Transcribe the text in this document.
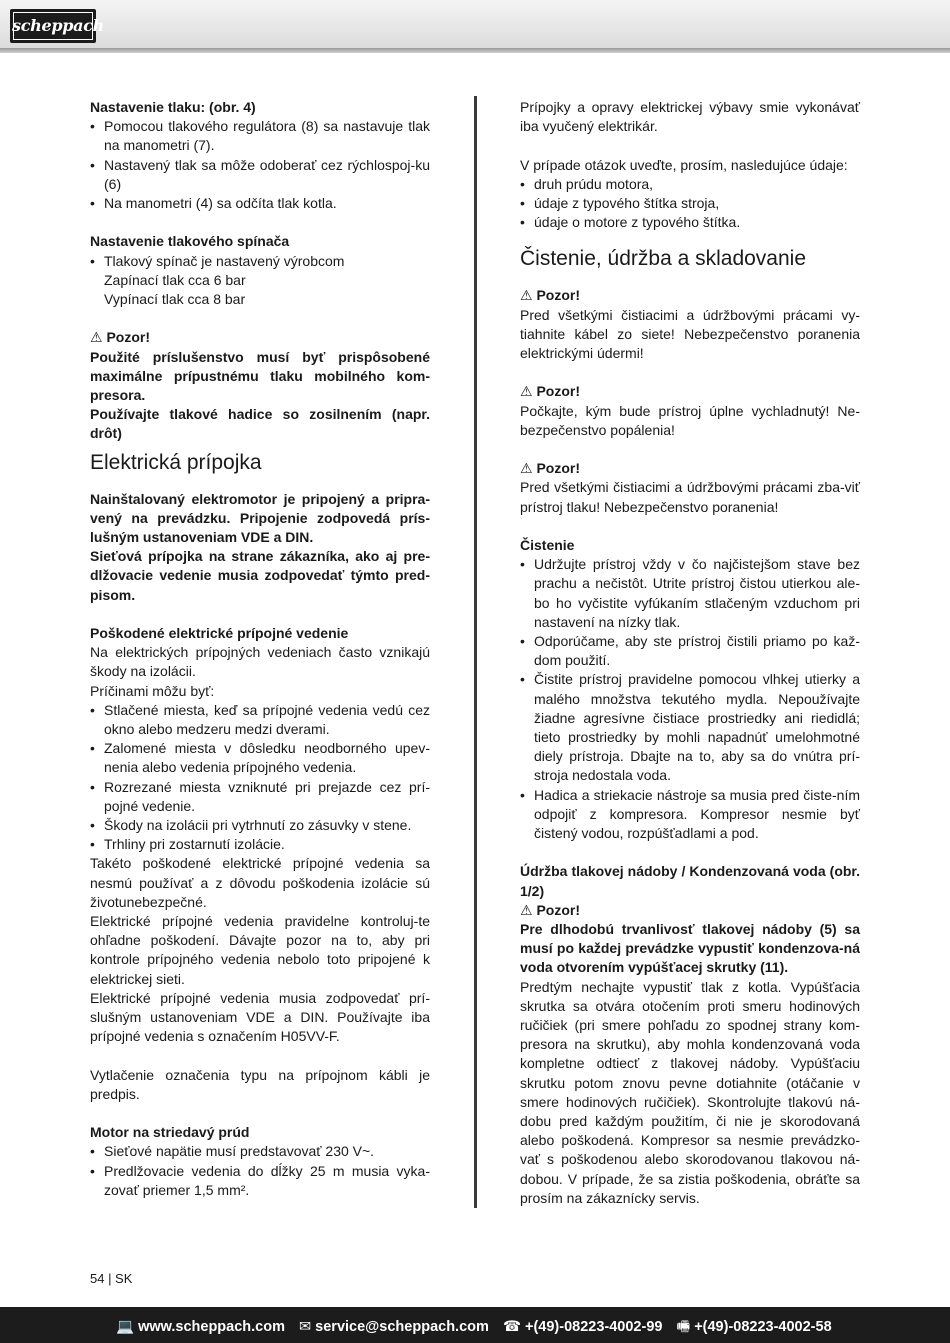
scheppach

Nastavenie tlaku: (obr. 4)

• Pomocou tlakového regulátora (8) sa nastavuje tlak na manometri (7).
• Nastavený tlak sa môže odoberať cez rýchlospoj-ku (6)
• Na manometri (4) sa odčíta tlak kotla.

Nastavenie tlakového spínača

• Tlakový spínač je nastavený výrobcom

Zapínací tlak cca 6 bar

Vypínací tlak cca 8 bar

⚠ Pozor!

Použité príslušenstvo musí byť prispôsobené maximálne prípustnému tlaku mobilného kom-presora.

Používajte tlakové hadice so zosilnením (napr. drôt)

Elektrická prípojka

Nainštalovaný elektromotor je pripojený a pripra-vený na prevádzku. Pripojenie zodpovedá prís-lušným ustanoveniam VDE a DIN.

Sieťová prípojka na strane zákazníka, ako aj pre-dlžovacie vedenie musia zodpovedať týmto pred-pisom.

Poškodené elektrické prípojné vedenie

Na elektrických prípojných vedeniach často vznikajú škody na izolácii.

Príčinami môžu byť:

• Stlačené miesta, keď sa prípojné vedenia vedú cez okno alebo medzeru medzi dverami.
• Zalomené miesta v dôsledku neodborného upev-nenia alebo vedenia prípojného vedenia.
• Rozrezané miesta vzniknuté pri prejazde cez prí-pojné vedenie.
• Škody na izolácii pri vytrhnutí zo zásuvky v stene.
• Trhliny pri zostarnutí izolácie.

Takéto poškodené elektrické prípojné vedenia sa nesmú používať a z dôvodu poškodenia izolácie sú životunebezpečné.

Elektrické prípojné vedenia pravidelne kontroluj-te ohľadne poškodení. Dávajte pozor na to, aby pri kontrole prípojného vedenia nebolo toto pripojené k elektrickej sieti.

Elektrické prípojné vedenia musia zodpovedať prí-slušným ustanoveniam VDE a DIN. Používajte iba prípojné vedenia s označením H05VV-F.

Vytlačenie označenia typu na prípojnom kábli je predpis.

Motor na striedavý prúd

• Sieťové napätie musí predstavovať 230 V~.
• Predlžovacie vedenia do dĺžky 25 m musia vyka-zovať priemer 1,5 mm².

Prípojky a opravy elektrickej výbavy smie vykonávať iba vyučený elektrikár.

V prípade otázok uveďte, prosím, nasledujúce údaje:

• druh prúdu motora,
• údaje z typového štítka stroja,
• údaje o motore z typového štítka.
Čistenie, údržba a skladovanie

⚠ Pozor!

Pred všetkými čistiacimi a údržbovými prácami vy-tiahnite kábel zo siete! Nebezpečenstvo poranenia elektrickými údermi!

⚠ Pozor!

Počkajte, kým bude prístroj úplne vychladnutý! Ne-bezpečenstvo popálenia!

⚠ Pozor!

Pred všetkými čistiacimi a údržbovými prácami zba-viť prístroj tlaku! Nebezpečenstvo poranenia!

Čistenie

• Udržujte prístroj vždy v čo najčistejšom stave bez prachu a nečistôt. Utrite prístroj čistou utierkou ale-bo ho vyčistite vyfúkaním stlačeným vzduchom pri nastavení na nízky tlak.
• Odporúčame, aby ste prístroj čistili priamo po kaž-dom použití.
• Čistite prístroj pravidelne pomocou vlhkej utierky a malého množstva tekutého mydla. Nepoužívajte žiadne agresívne čistiace prostriedky ani riedidlá; tieto prostriedky by mohli napadnúť umelohmotné diely prístroja. Dbajte na to, aby sa do vnútra prí-stroja nedostala voda.
• Hadica a striekacie nástroje sa musia pred čiste-ním odpojiť z kompresora. Kompresor nesmie byť čistený vodou, rozpúšťadlami a pod.

Údržba tlakovej nádoby / Kondenzovaná voda (obr. 1/2)

⚠ Pozor!

Pre dlhodobú trvanlivosť tlakovej nádoby (5) sa musí po každej prevádzke vypustiť kondenzova-ná voda otvorením vypúšťacej skrutky (11).

Predtým nechajte vypustiť tlak z kotla. Vypúšťacia skrutka sa otvára otočením proti smeru hodinových ručičiek (pri smere pohľadu zo spodnej strany kom-presora na skrutku), aby mohla kondenzovaná voda kompletne odtiecť z tlakovej nádoby. Vypúšťaciu skrutku potom znovu pevne dotiahnite (otáčanie v smere hodinových ručičiek). Skontrolujte tlakovú ná-dobu pred každým použitím, či nie je skorodovaná alebo poškodená. Kompresor sa nesmie prevádzko-vať s poškodenou alebo skorodovanou tlakovou ná-dobou. V prípade, že sa zistia poškodenia, obráťte sa prosím na zákaznícky servis.

54 | SK
💻 www.scheppach.com ✉ service@scheppach.com ☎ +(49)-08223-4002-99 🖷 +(49)-08223-4002-58
